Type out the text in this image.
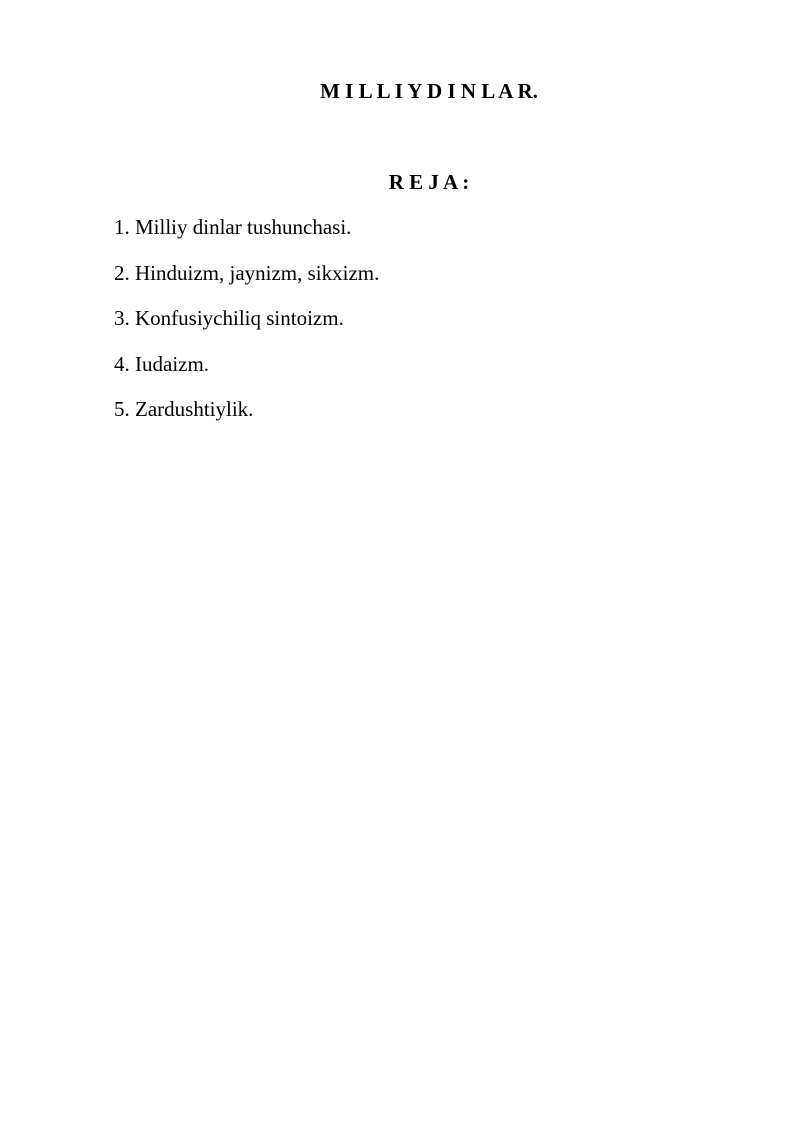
M I L L I Y D I N L A R.
R E J A :
1. Milliy dinlar tushunchasi.
2. Hinduizm, jaynizm, sikxizm.
3. Konfusiychiliq sintoizm.
4. Iudaizm.
5. Zardushtiylik.
